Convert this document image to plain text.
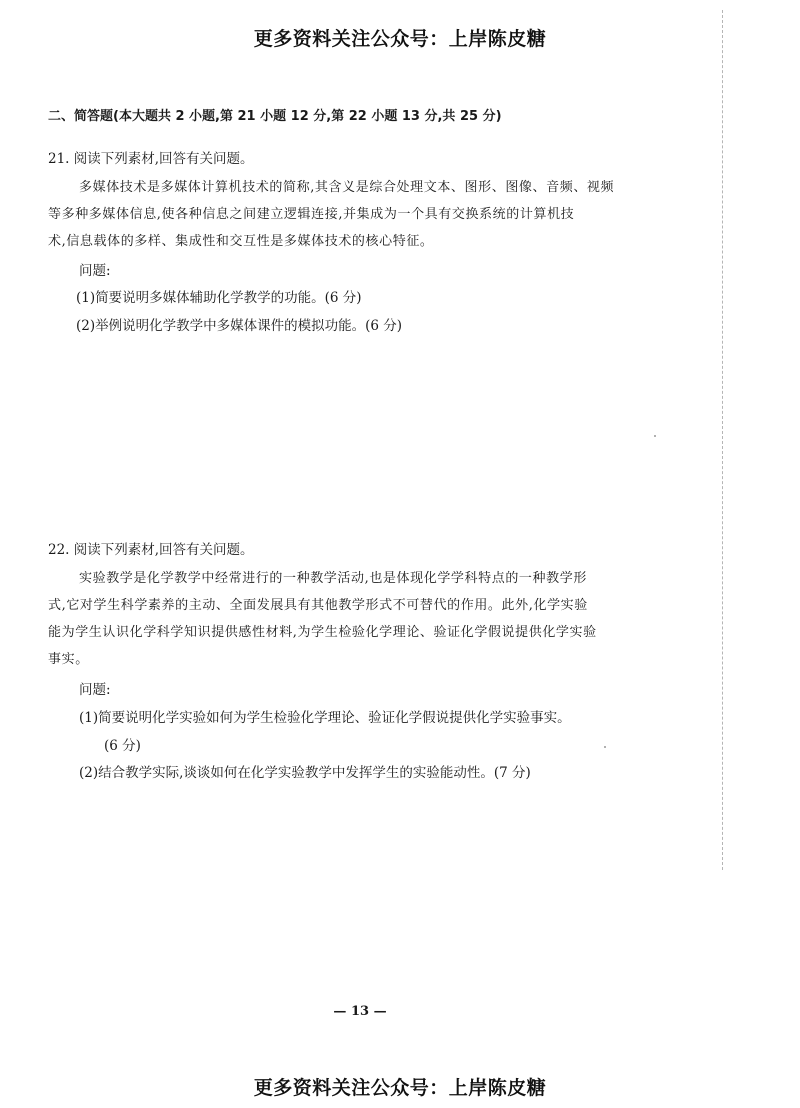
更多资料关注公众号：上岸陈皮糖
二、简答题(本大题共 2 小题,第 21 小题 12 分,第 22 小题 13 分,共 25 分)
21. 阅读下列素材,回答有关问题。
多媒体技术是多媒体计算机技术的简称,其含义是综合处理文本、图形、图像、音频、视频
等多种多媒体信息,使各种信息之间建立逻辑连接,并集成为一个具有交换系统的计算机技
术,信息载体的多样、集成性和交互性是多媒体技术的核心特征。
问题:
(1)简要说明多媒体辅助化学教学的功能。(6 分)
(2)举例说明化学教学中多媒体课件的模拟功能。(6 分)
22. 阅读下列素材,回答有关问题。
实验教学是化学教学中经常进行的一种教学活动,也是体现化学学科特点的一种教学形
式,它对学生科学素养的主动、全面发展具有其他教学形式不可替代的作用。此外,化学实验
能为学生认识化学科学知识提供感性材料,为学生检验化学理论、验证化学假说提供化学实验
事实。
问题:
(1)简要说明化学实验如何为学生检验化学理论、验证化学假说提供化学实验事实。
(6 分)
(2)结合教学实际,谈谈如何在化学实验教学中发挥学生的实验能动性。(7 分)
— 13 —
更多资料关注公众号：上岸陈皮糖
